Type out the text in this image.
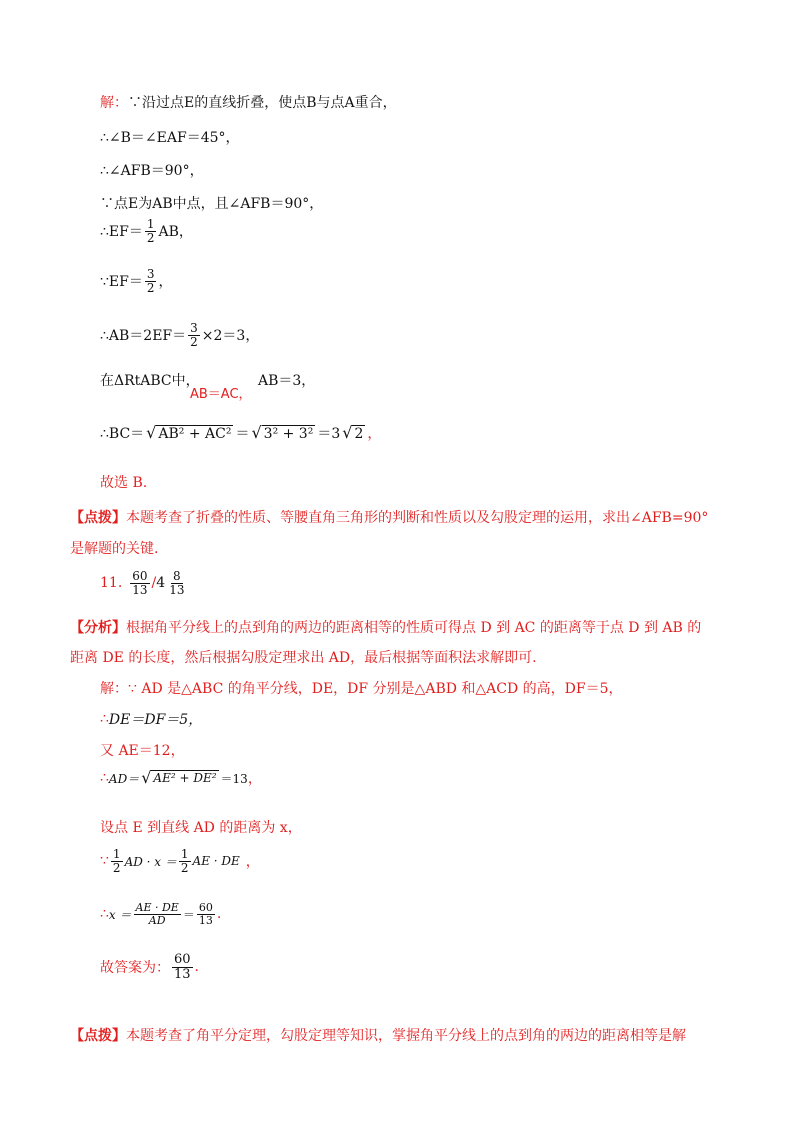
解： ∵沿过点E的直线折叠，使点B与点A重合，
∴∠B＝∠EAF＝45°，
∴∠AFB＝90°，
∵点E为AB中点，且∠AFB＝90°，
∴EF＝ $\frac{1}{2}$ AB，
∵EF＝ $\frac{3}{2}$ ，
∴AB＝2EF＝ $\frac{3}{2} \times 2=3$，
在ΔRtABC中，
AB＝AC，
AB＝3，
∴BC＝ √ AB² + AC² ＝ √ 3² + 3² ＝3 √ 2 ，
故选 B.
【点拨】 本题考查了折叠的性质、等腰直角三角形的判断和性质以及勾股定理的运用，求出∠AFB=90°
是解题的关键.
11. $\frac{60}{13} / 4 \frac{8}{13}$
【分析】 根据角平分线上的点到角的两边的距离相等的性质可得点 D 到 AC 的距离等于点 D 到 AB 的
距离 DE 的长度，然后根据勾股定理求出 AD，最后根据等面积法求解即可.
解： ∵ AD 是△ABC 的角平分线，DE，DF 分别是△ABD 和△ACD 的高，DF＝5，
∴ DE＝DF＝5，
又 AE＝12，
∴ AD＝ √ AE² + DE² ＝13 ，
设点 E 到直线 AD 的距离为 x，
∵ $\frac{1}{2}$ AD · $x = \frac{1}{2}$ AE · DE ，
∴ $x = \frac{AE \cdot DE}{AD} = \frac{60}{13}$ .
故答案为： $\frac{60}{13}$ .
【点拨】 本题考查了角平分定理，勾股定理等知识，掌握角平分线上的点到角的两边的距离相等是解
